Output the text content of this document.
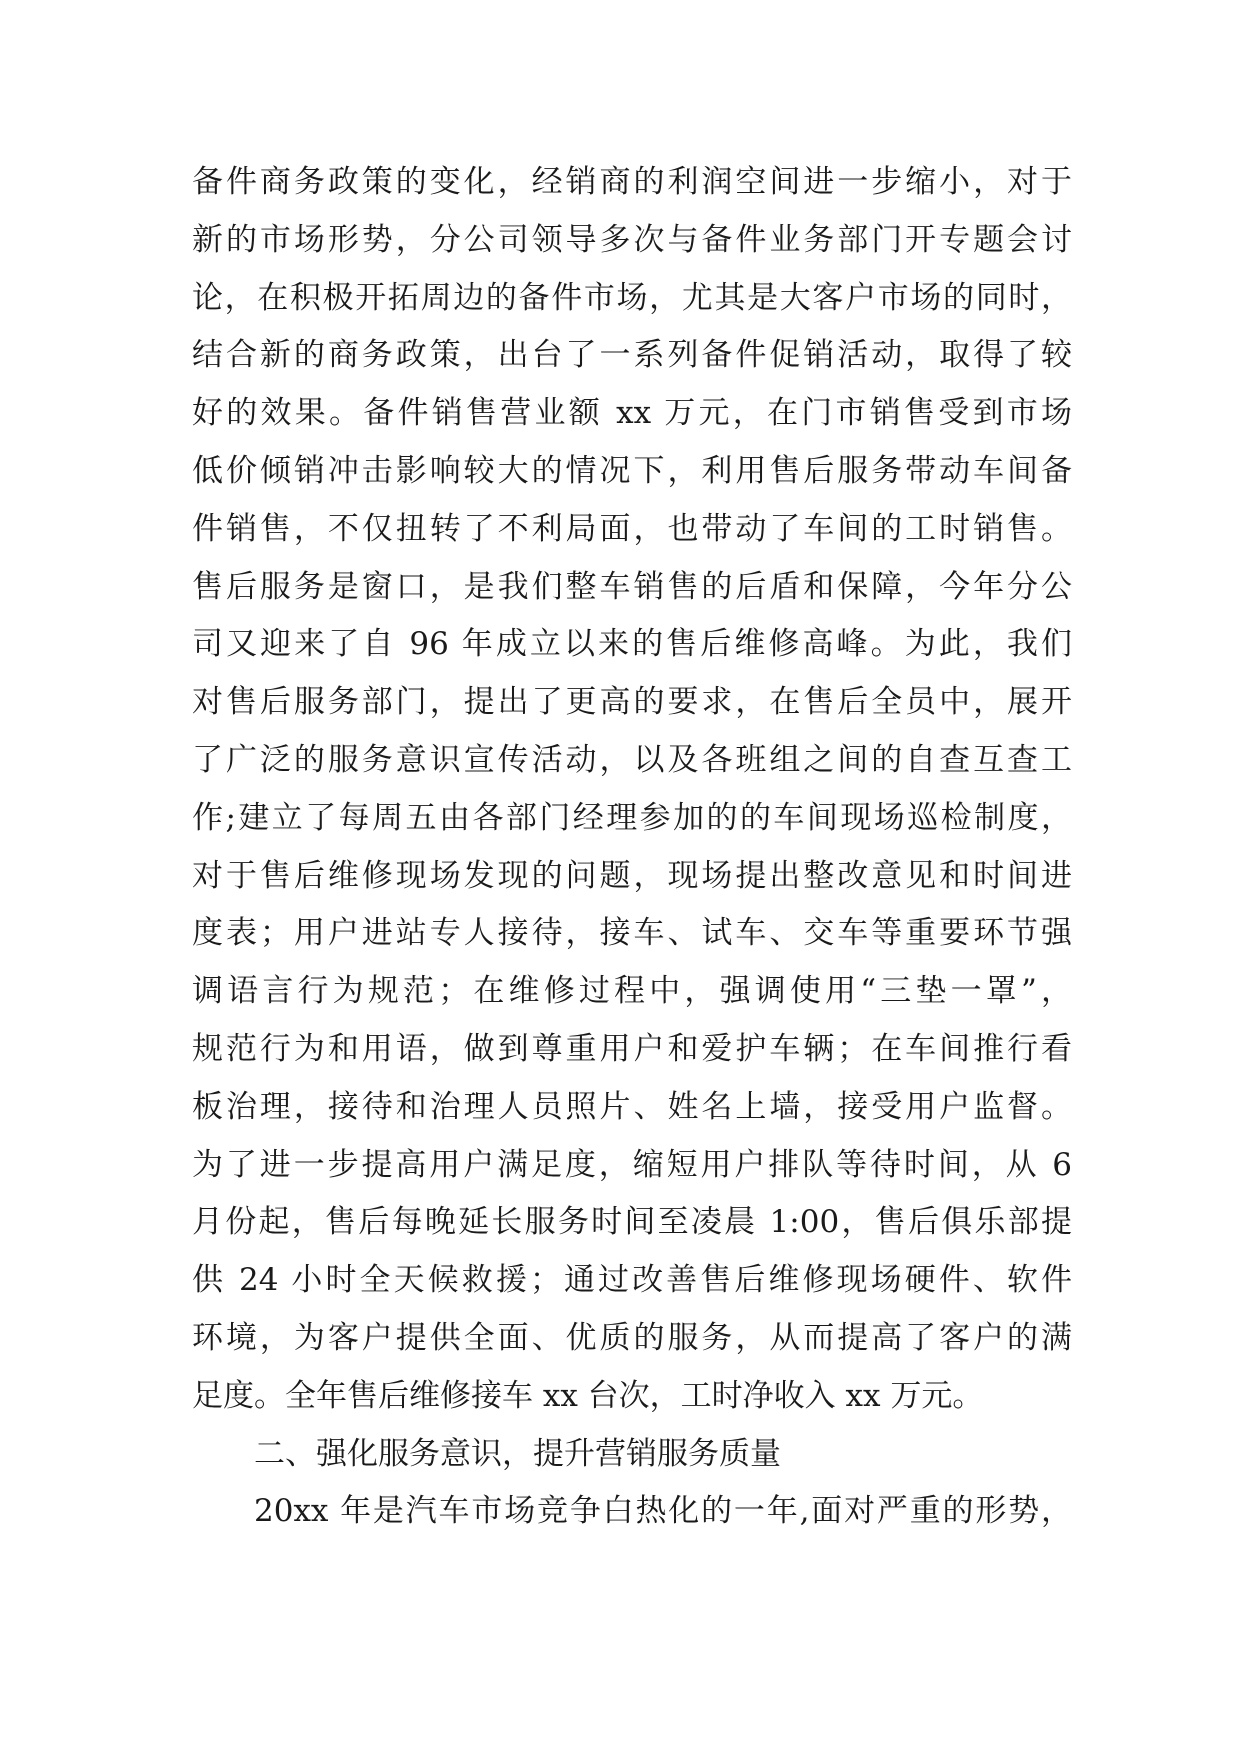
备件商务政策的变化，经销商的利润空间进一步缩小，对于
新的市场形势，分公司领导多次与备件业务部门开专题会讨
论，在积极开拓周边的备件市场，尤其是大客户市场的同时，
结合新的商务政策，出台了一系列备件促销活动，取得了较
好的效果。备件销售营业额 xx 万元，在门市销售受到市场
低价倾销冲击影响较大的情况下，利用售后服务带动车间备
件销售，不仅扭转了不利局面，也带动了车间的工时销售。
售后服务是窗口，是我们整车销售的后盾和保障，今年分公
司又迎来了自 96 年成立以来的售后维修高峰。为此，我们
对售后服务部门，提出了更高的要求，在售后全员中，展开
了广泛的服务意识宣传活动，以及各班组之间的自查互查工
作;建立了每周五由各部门经理参加的的车间现场巡检制度，
对于售后维修现场发现的问题，现场提出整改意见和时间进
度表；用户进站专人接待，接车、试车、交车等重要环节强
调语言行为规范；在维修过程中，强调使用“三垫一罩”，
规范行为和用语，做到尊重用户和爱护车辆；在车间推行看
板治理，接待和治理人员照片、姓名上墙，接受用户监督。
为了进一步提高用户满足度，缩短用户排队等待时间，从 6
月份起，售后每晚延长服务时间至凌晨 1:00，售后俱乐部提
供 24 小时全天候救援；通过改善售后维修现场硬件、软件
环境，为客户提供全面、优质的服务，从而提高了客户的满
足度。全年售后维修接车 xx 台次，工时净收入 xx 万元。
二、强化服务意识，提升营销服务质量
20xx 年是汽车市场竞争白热化的一年,面对严重的形势，
